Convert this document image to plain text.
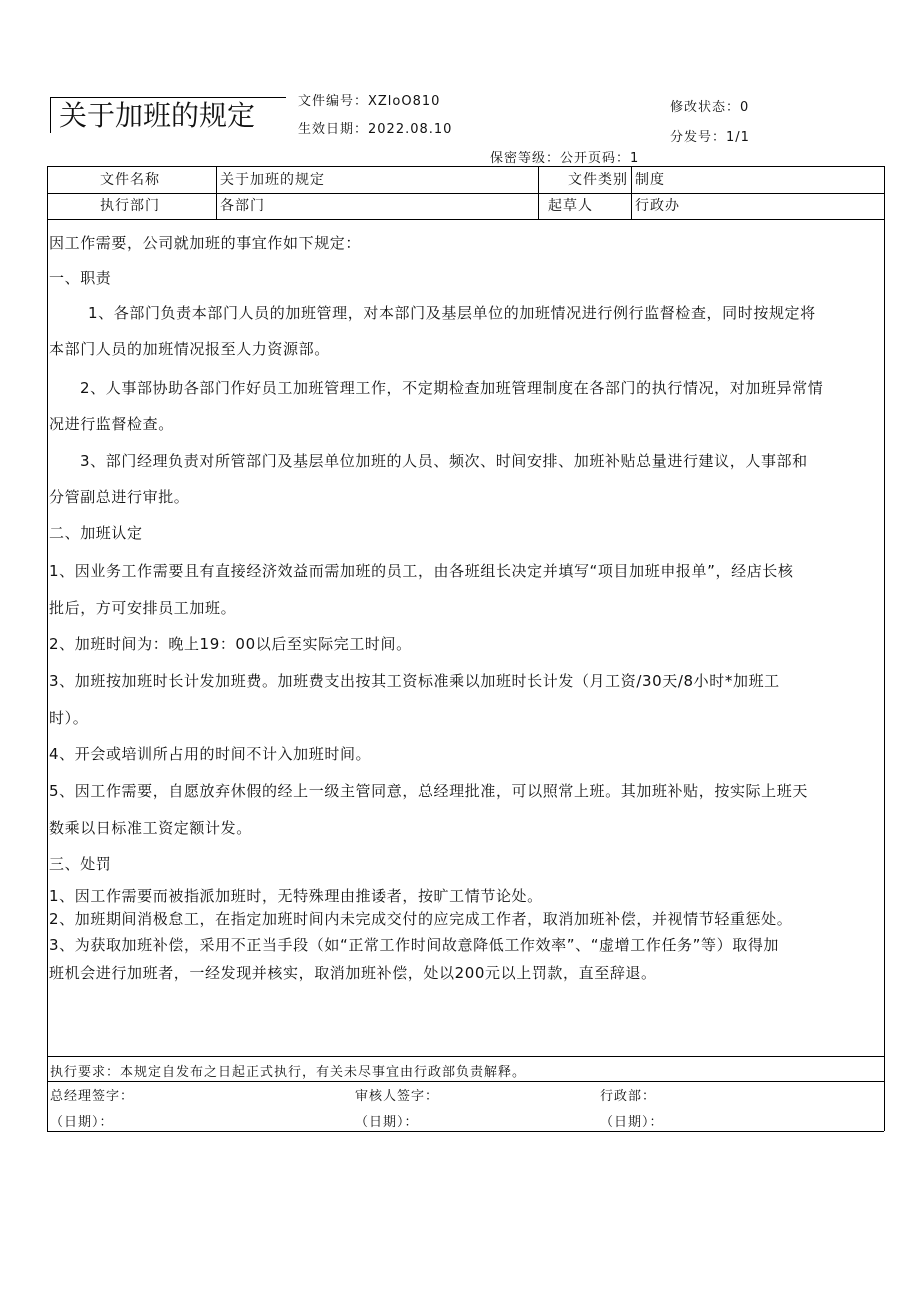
关于加班的规定	文件编号：XZloO810
生效日期：2022.08.10
修改状态：0
分发号：1/1
保密等级：公开页码：1
文件名称	关于加班的规定	文件类别 制度
执行部门	各部门	起草人	行政办
因工作需要，公司就加班的事宜作如下规定：
一、职责
1、各部门负责本部门人员的加班管理，对本部门及基层单位的加班情况进行例行监督检查，同时按规定将
本部门人员的加班情况报至人力资源部。
2、人事部协助各部门作好员工加班管理工作，不定期检查加班管理制度在各部门的执行情况，对加班异常情
况进行监督检查。
3、部门经理负责对所管部门及基层单位加班的人员、频次、时间安排、加班补贴总量进行建议，人事部和
分管副总进行审批。
二、加班认定
1、因业务工作需要且有直接经济效益而需加班的员工，由各班组长决定并填写“项目加班申报单”，经店长核
批后，方可安排员工加班。
2、加班时间为：晚上19：00以后至实际完工时间。
3、加班按加班时长计发加班费。加班费支出按其工资标准乘以加班时长计发（月工资/30天/8小时*加班工
时）。
4、开会或培训所占用的时间不计入加班时间。
5、因工作需要，自愿放弃休假的经上一级主管同意，总经理批准，可以照常上班。其加班补贴，按实际上班天
数乘以日标准工资定额计发。
三、处罚
1、因工作需要而被指派加班时，无特殊理由推诿者，按旷工情节论处。
2、加班期间消极怠工，在指定加班时间内未完成交付的应完成工作者，取消加班补偿，并视情节轻重惩处。
3、为获取加班补偿，采用不正当手段（如“正常工作时间故意降低工作效率”、“虚增工作任务”等）取得加
班机会进行加班者，一经发现并核实，取消加班补偿，处以200元以上罚款，直至辞退。
执行要求：本规定自发布之日起正式执行，有关未尽事宜由行政部负责解释。
总经理签字：	审核人签字：	行政部：
（日期）：	（日期）：	（日期）：
